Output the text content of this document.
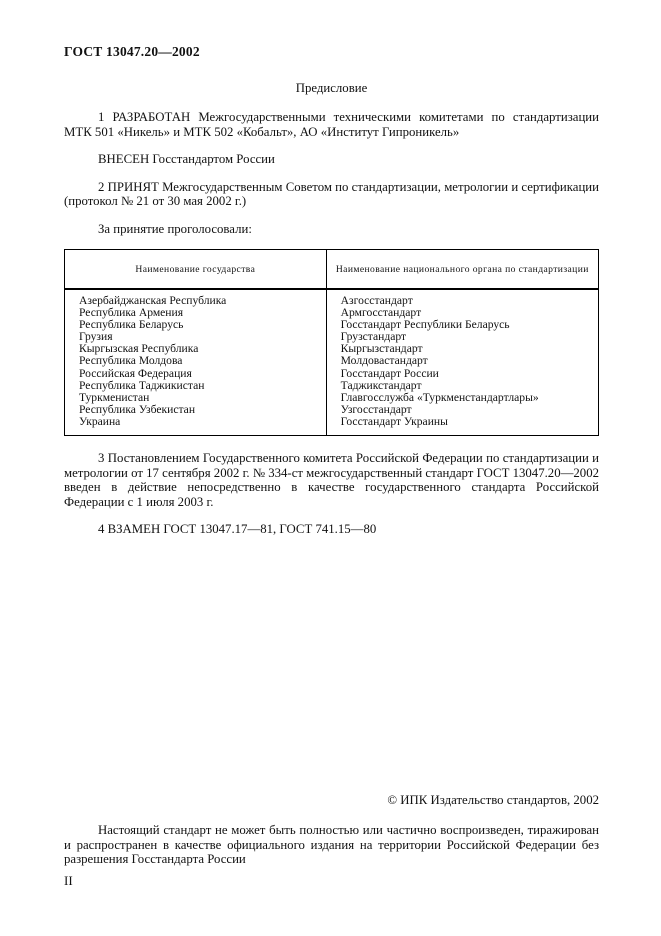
ГОСТ 13047.20—2002
Предисловие

1 РАЗРАБОТАН Межгосударственными техническими комитетами по стандартизации МТК 501 «Никель» и МТК 502 «Кобальт», АО «Институт Гипроникель»

ВНЕСЕН Госстандартом России

2 ПРИНЯТ Межгосударственным Советом по стандартизации, метрологии и сертификации (протокол № 21 от 30 мая 2002 г.)

За принятие проголосовали:

Наименование государства	Наименование национального органа по стандартизации
Азербайджанская Республика	Азгосстандарт
Республика Армения	Армгосстандарт
Республика Беларусь	Госстандарт Республики Беларусь
Грузия	Грузстандарт
Кыргызская Республика	Кыргызстандарт
Республика Молдова	Молдовастандарт
Российская Федерация	Госстандарт России
Республика Таджикистан	Таджикстандарт
Туркменистан	Главгосслужба «Туркменстандартлары»
Республика Узбекистан	Узгосстандарт
Украина	Госстандарт Украины

3 Постановлением Государственного комитета Российской Федерации по стандартизации и метрологии от 17 сентября 2002 г. № 334-ст межгосударственный стандарт ГОСТ 13047.20—2002 введен в действие непосредственно в качестве государственного стандарта Российской Федерации с 1 июля 2003 г.

4 ВЗАМЕН ГОСТ 13047.17—81, ГОСТ 741.15—80

© ИПК Издательство стандартов, 2002

Настоящий стандарт не может быть полностью или частично воспроизведен, тиражирован и распространен в качестве официального издания на территории Российской Федерации без разрешения Госстандарта России

II
